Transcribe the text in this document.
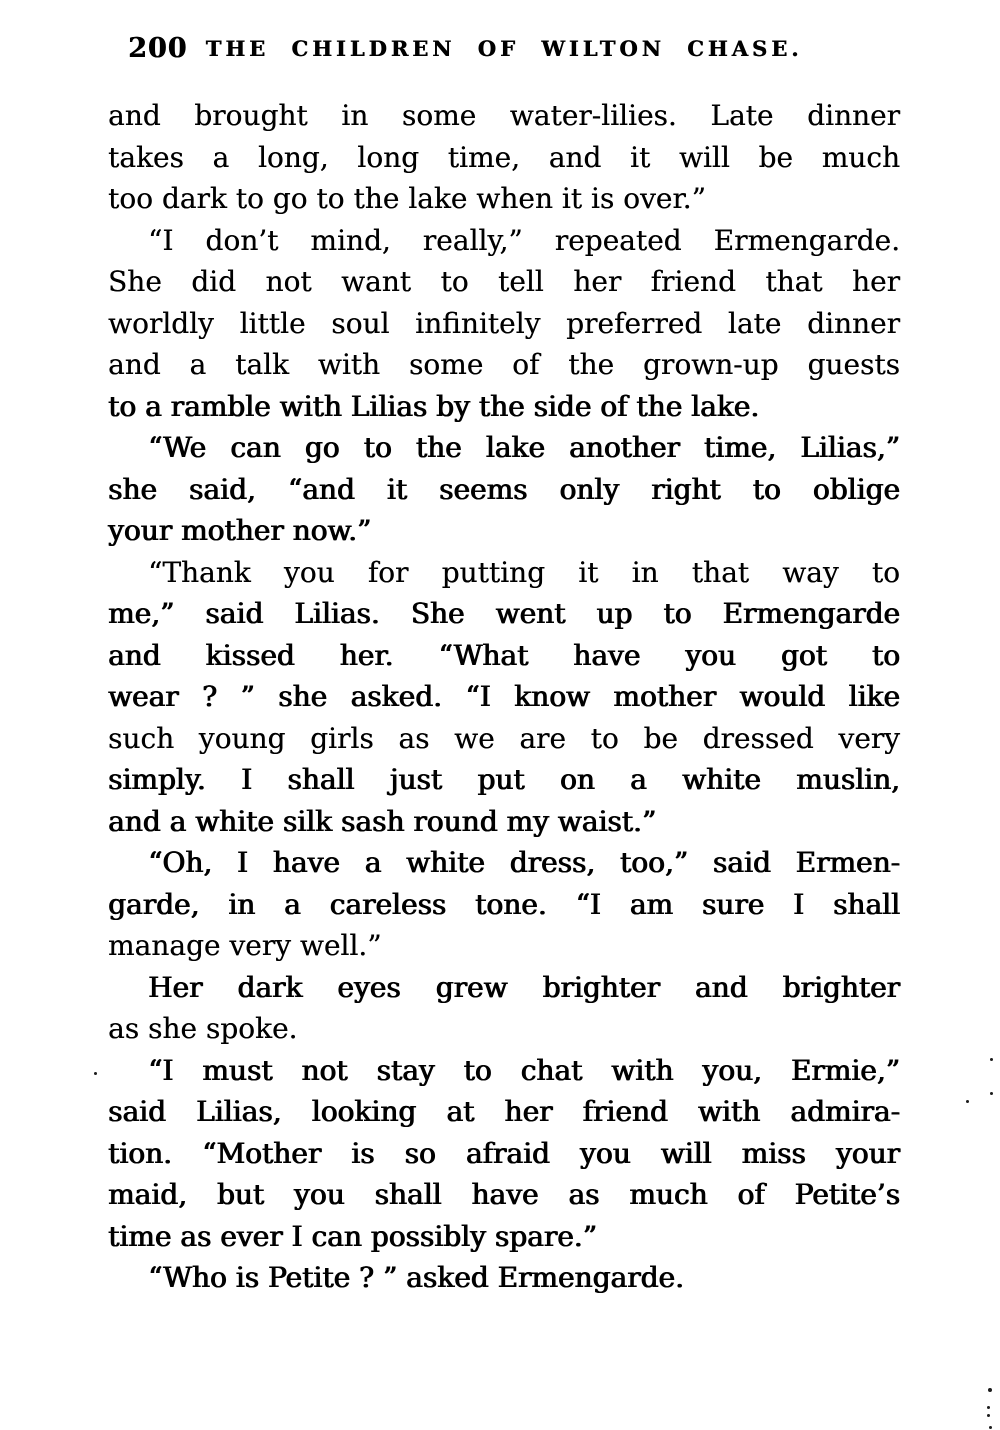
200 THE CHILDREN OF WILTON CHASE.
and brought in some water-lilies. Late dinner
takes a long, long time, and it will be much
too dark to go to the lake when it is over.”
“I don’t mind, really,” repeated Ermengarde.
She did not want to tell her friend that her
worldly little soul infinitely preferred late dinner
and a talk with some of the grown-up guests
to a ramble with Lilias by the side of the lake.
“We can go to the lake another time, Lilias,”
she said, “and it seems only right to oblige
your mother now.”
“Thank you for putting it in that way to
me,” said Lilias. She went up to Ermengarde
and kissed her. “What have you got to
wear ? ” she asked. “I know mother would like
such young girls as we are to be dressed very
simply. I shall just put on a white muslin,
and a white silk sash round my waist.”
“Oh, I have a white dress, too,” said Ermen-
garde, in a careless tone. “I am sure I shall
manage very well.”
Her dark eyes grew brighter and brighter
as she spoke.
“I must not stay to chat with you, Ermie,”
said Lilias, looking at her friend with admira-
tion. “Mother is so afraid you will miss your
maid, but you shall have as much of Petite’s
time as ever I can possibly spare.”
“Who is Petite ? ” asked Ermengarde.
